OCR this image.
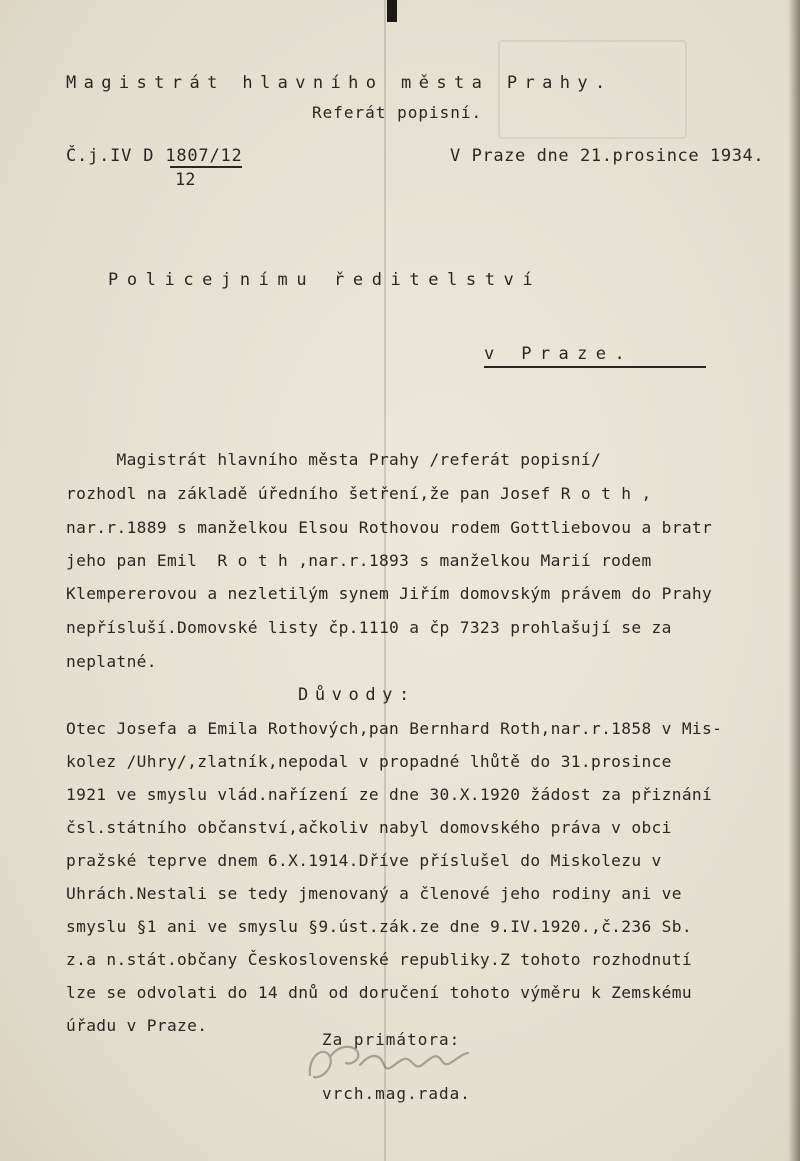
Magistrát hlavního města Prahy.
Referát popisní.
Č.j.IV D 1807/12
12
V Praze dne 21.prosince 1934.
Policejnímu ředitelství
v Praze.
Magistrát hlavního města Prahy /referát popisní/
rozhodl na základě úředního šetření,že pan Josef R o t h ,
nar.r.1889 s manželkou Elsou Rothovou rodem Gottliebovou a bratr
jeho pan Emil  R o t h ,nar.r.1893 s manželkou Marií rodem
Klempererovou a nezletilým synem Jiřím domovským právem do Prahy
nepřísluší.Domovské listy čp.1110 a čp 7323 prohlašují se za
neplatné.
Důvody:
Otec Josefa a Emila Rothových,pan Bernhard Roth,nar.r.1858 v Mis-
kolez /Uhry/,zlatník,nepodal v propadné lhůtě do 31.prosince
1921 ve smyslu vlád.nařízení ze dne 30.X.1920 žádost za přiznání
čsl.státního občanství,ačkoliv nabyl domovského práva v obci
pražské teprve dnem 6.X.1914.Dříve příslušel do Miskolezu v
Uhrách.Nestali se tedy jmenovaný a členové jeho rodiny ani ve
smyslu §1 ani ve smyslu §9.úst.zák.ze dne 9.IV.1920.,č.236 Sb.
z.a n.stát.občany Československé republiky.Z tohoto rozhodnutí
lze se odvolati do 14 dnů od doručení tohoto výměru k Zemskému
úřadu v Praze.
Za primátora:
vrch.mag.rada.
